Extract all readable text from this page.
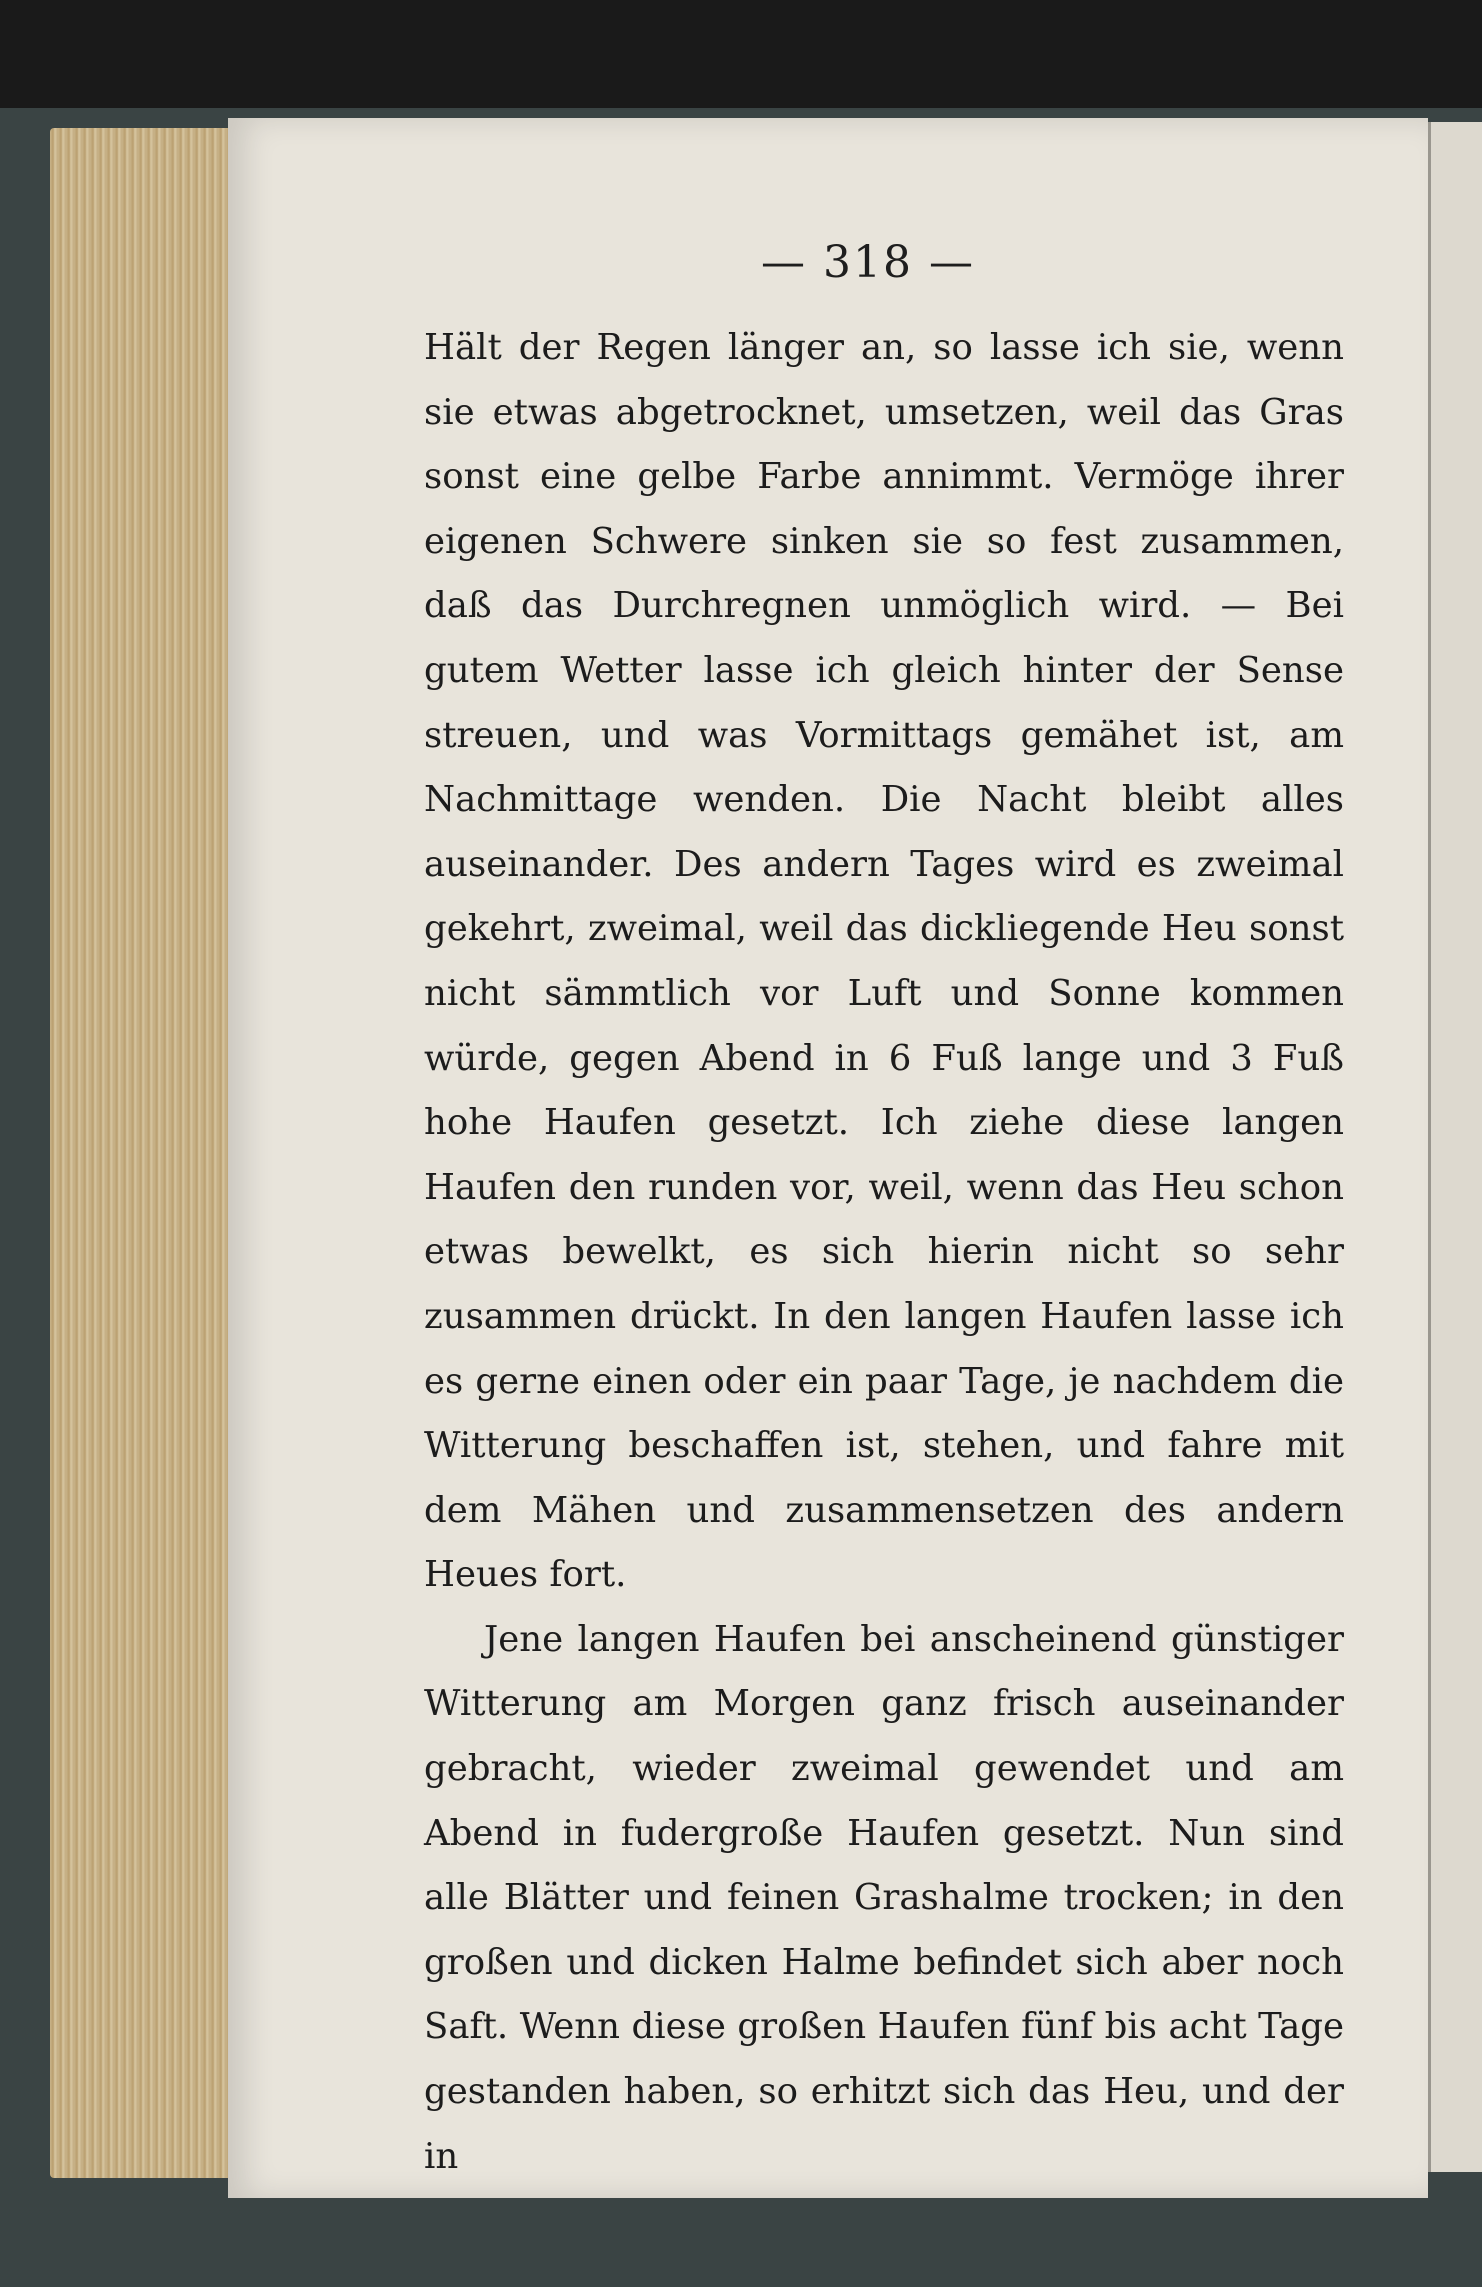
— 318 —

Hält der Regen länger an, so lasse ich sie, wenn sie etwas abgetrocknet, umsetzen, weil das Gras sonst eine gelbe Farbe annimmt. Vermöge ihrer eigenen Schwere sinken sie so fest zusammen, daß das Durchregnen unmöglich wird. — Bei gutem Wetter lasse ich gleich hinter der Sense streuen, und was Vormittags gemähet ist, am Nachmittage wenden. Die Nacht bleibt alles auseinander. Des andern Tages wird es zweimal gekehrt, zweimal, weil das dickliegende Heu sonst nicht sämmtlich vor Luft und Sonne kommen würde, gegen Abend in 6 Fuß lange und 3 Fuß hohe Haufen gesetzt. Ich ziehe diese langen Haufen den runden vor, weil, wenn das Heu schon etwas bewelkt, es sich hierin nicht so sehr zusammen drückt. In den langen Haufen lasse ich es gerne einen oder ein paar Tage, je nachdem die Witterung beschaffen ist, stehen, und fahre mit dem Mähen und zusammensetzen des andern Heues fort.

Jene langen Haufen bei anscheinend günstiger Witterung am Morgen ganz frisch auseinander gebracht, wieder zweimal gewendet und am Abend in fudergroße Haufen gesetzt. Nun sind alle Blätter und feinen Grashalme trocken; in den großen und dicken Halme befindet sich aber noch Saft. Wenn diese großen Haufen fünf bis acht Tage gestanden haben, so erhitzt sich das Heu, und der in
